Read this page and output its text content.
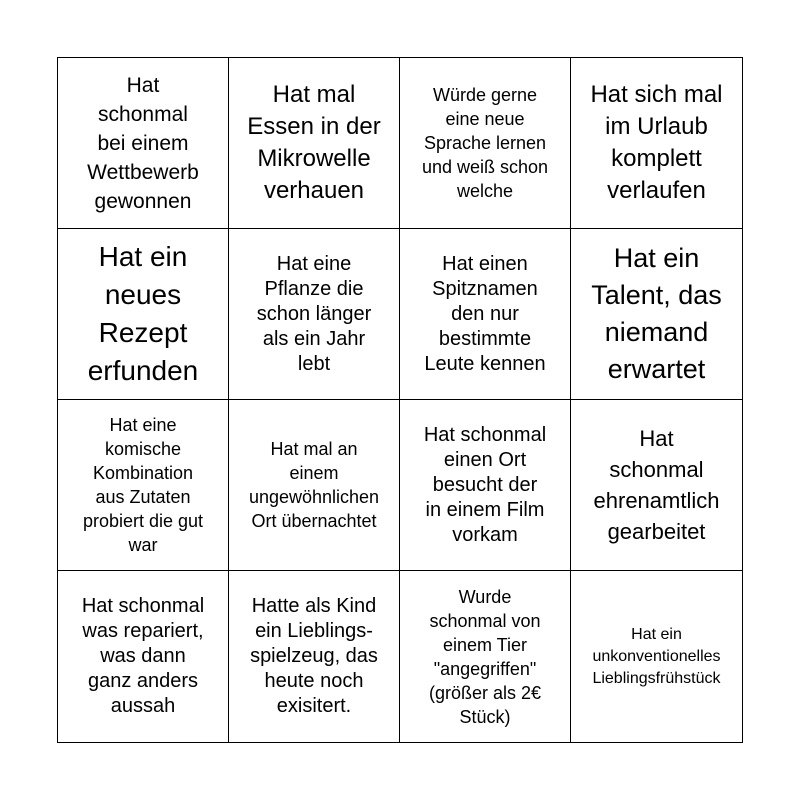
Hat
schonmal
bei einem
Wettbewerb
gewonnen
Hat mal
Essen in der
Mikrowelle
verhauen
Würde gerne
eine neue
Sprache lernen
und weiß schon
welche
Hat sich mal
im Urlaub
komplett
verlaufen
Hat ein
neues
Rezept
erfunden
Hat eine
Pflanze die
schon länger
als ein Jahr
lebt
Hat einen
Spitznamen
den nur
bestimmte
Leute kennen
Hat ein
Talent, das
niemand
erwartet
Hat eine
komische
Kombination
aus Zutaten
probiert die gut
war
Hat mal an
einem
ungewöhnlichen
Ort übernachtet
Hat schonmal
einen Ort
besucht der
in einem Film
vorkam
Hat
schonmal
ehrenamtlich
gearbeitet
Hat schonmal
was repariert,
was dann
ganz anders
aussah
Hatte als Kind
ein Lieblings-
spielzeug, das
heute noch
exisitert.
Wurde
schonmal von
einem Tier
"angegriffen"
(größer als 2€
Stück)
Hat ein
unkonventionelles
Lieblingsfrühstück
